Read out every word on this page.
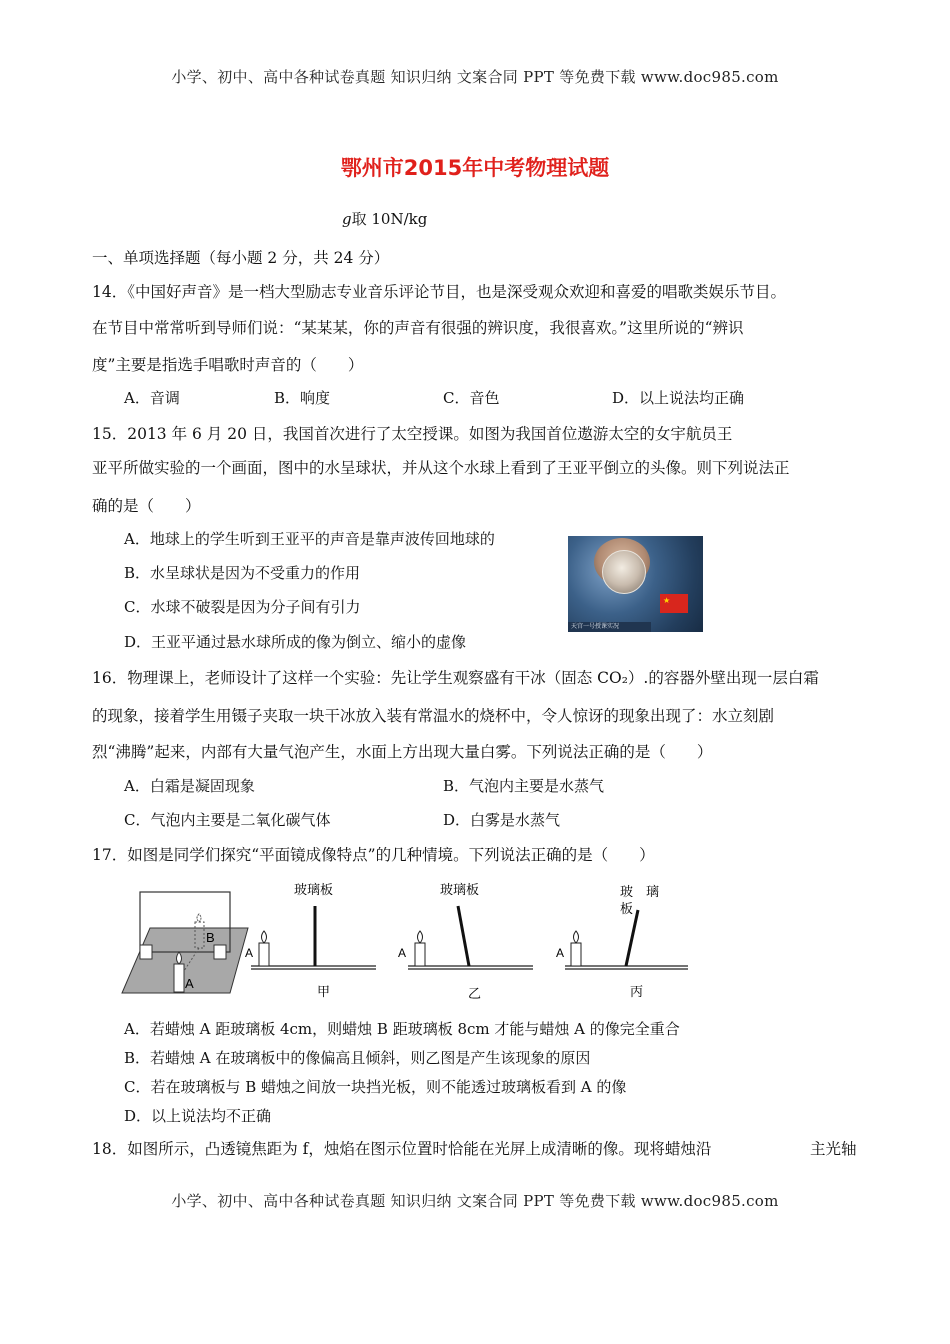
小学、初中、高中各种试卷真题 知识归纳 文案合同 PPT 等免费下载 www.doc985.com
鄂州市2015年中考物理试题
g取 10N/kg
一、单项选择题（每小题 2 分，共 24 分）
14．《中国好声音》是一档大型励志专业音乐评论节目，也是深受观众欢迎和喜爱的唱歌类娱乐节目。
在节目中常常听到导师们说：“某某某，你的声音有很强的辨识度，我很喜欢。”这里所说的“辨识
度”主要是指选手唱歌时声音的（　　）
A．音调	B．响度	C．音色	D．以上说法均正确
15．2013 年 6 月 20 日，我国首次进行了太空授课。如图为我国首位遨游太空的女宇航员王
亚平所做实验的一个画面，图中的水呈球状，并从这个水球上看到了王亚平倒立的头像。则下列说法正
确的是（　　）
A．地球上的学生听到王亚平的声音是靠声波传回地球的
B．水呈球状是因为不受重力的作用
C．水球不破裂是因为分子间有引力
D．王亚平通过悬水球所成的像为倒立、缩小的虚像
★
天宫一号授课实况
16．物理课上，老师设计了这样一个实验：先让学生观察盛有干冰（固态 CO₂）.的容器外壁出现一层白霜
的现象，接着学生用镊子夹取一块干冰放入装有常温水的烧杯中，令人惊讶的现象出现了：水立刻剧
烈“沸腾”起来，内部有大量气泡产生，水面上方出现大量白雾。下列说法正确的是（　　）
A．白霜是凝固现象	B．气泡内主要是水蒸气
C．气泡内主要是二氧化碳气体	D．白雾是水蒸气
17．如图是同学们探究“平面镜成像特点”的几种情境。下列说法正确的是（　　）
B
A
玻璃板
A
甲
玻璃板
A
乙
玻　璃
板
A
丙
A．若蜡烛 A 距玻璃板 4cm，则蜡烛 B 距玻璃板 8cm 才能与蜡烛 A 的像完全重合
B．若蜡烛 A 在玻璃板中的像偏高且倾斜，则乙图是产生该现象的原因
C．若在玻璃板与 B 蜡烛之间放一块挡光板，则不能透过玻璃板看到 A 的像
D．以上说法均不正确
18．如图所示，凸透镜焦距为 f，烛焰在图示位置时恰能在光屏上成清晰的像。现将蜡烛沿	主光轴
小学、初中、高中各种试卷真题 知识归纳 文案合同 PPT 等免费下载 www.doc985.com
